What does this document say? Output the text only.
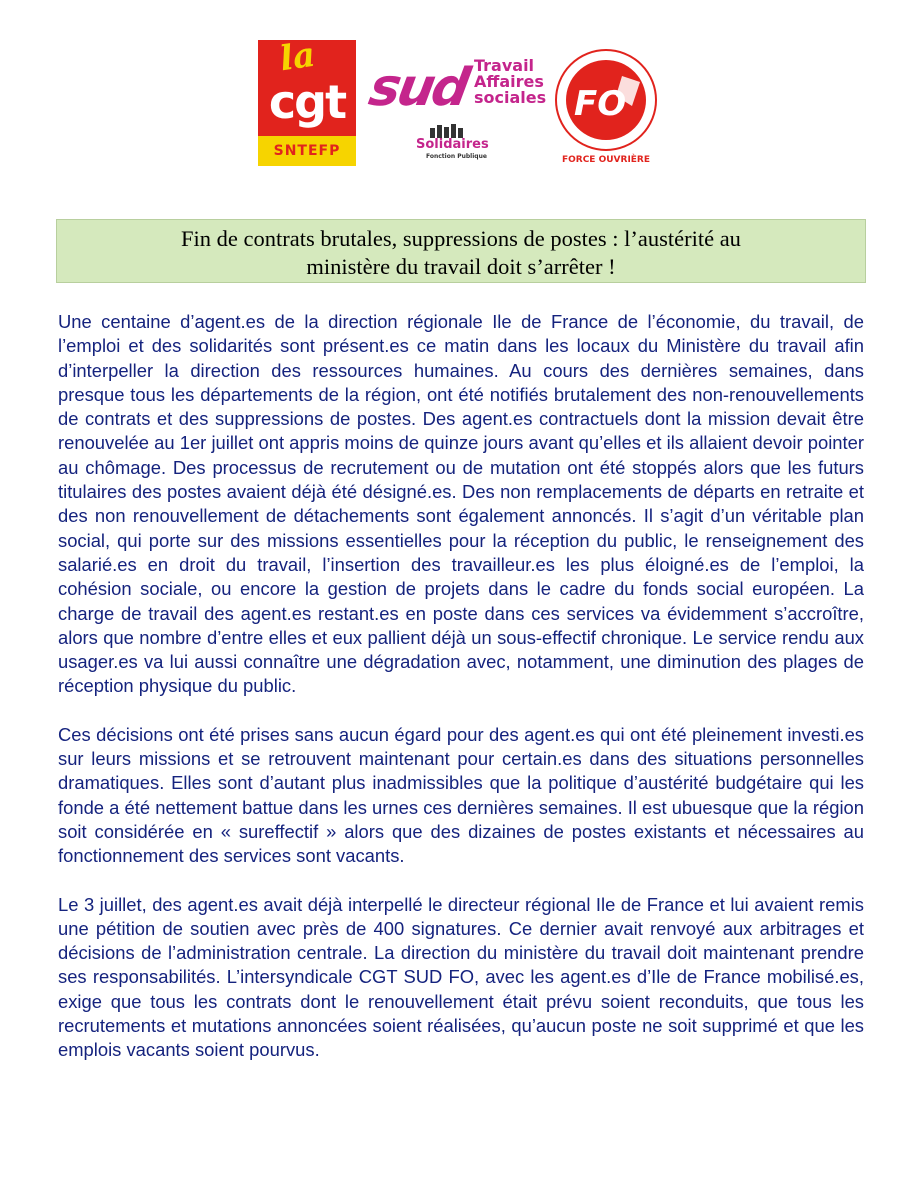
la
cgt
SNTEFP
sud Travail
Affaires
sociales
Solidaires
Fonction Publique
FO
FORCE OUVRIÈRE
Fin de contrats brutales, suppressions de postes : l’austérité au
ministère du travail doit s’arrêter !

Une centaine d’agent.es de la direction régionale Ile de France de l’économie, du travail, de l’emploi et des solidarités sont présent.es ce matin dans les locaux du Ministère du travail afin d’interpeller la direction des ressources humaines. Au cours des dernières semaines, dans presque tous les départements de la région, ont été notifiés brutalement des non-renouvellements de contrats et des suppressions de postes. Des agent.es contractuels dont la mission devait être renouvelée au 1er juillet ont appris moins de quinze jours avant qu’elles et ils allaient devoir pointer au chômage. Des processus de recrutement ou de mutation ont été stoppés alors que les futurs titulaires des postes avaient déjà été désigné.es. Des non remplacements de départs en retraite et des non renouvellement de détachements sont également annoncés. Il s’agit d’un véritable plan social, qui porte sur des missions essentielles pour la réception du public, le renseignement des salarié.es en droit du travail, l’insertion des travailleur.es les plus éloigné.es de l’emploi, la cohésion sociale, ou encore la gestion de projets dans le cadre du fonds social européen. La charge de travail des agent.es restant.es en poste dans ces services va évidemment s’accroître, alors que nombre d’entre elles et eux pallient déjà un sous-effectif chronique. Le service rendu aux usager.es va lui aussi connaître une dégradation avec, notamment, une diminution des plages de réception physique du public.

Ces décisions ont été prises sans aucun égard pour des agent.es qui ont été pleinement investi.es sur leurs missions et se retrouvent maintenant pour certain.es dans des situations personnelles dramatiques. Elles sont d’autant plus inadmissibles que la politique d’austérité budgétaire qui les fonde a été nettement battue dans les urnes ces dernières semaines. Il est ubuesque que la région soit considérée en « sureffectif » alors que des dizaines de postes existants et nécessaires au fonctionnement des services sont vacants.

Le 3 juillet, des agent.es avait déjà interpellé le directeur régional Ile de France et lui avaient remis une pétition de soutien avec près de 400 signatures. Ce dernier avait renvoyé aux arbitrages et décisions de l’administration centrale. La direction du ministère du travail doit maintenant prendre ses responsabilités. L’intersyndicale CGT SUD FO, avec les agent.es d’Ile de France mobilisé.es, exige que tous les contrats dont le renouvellement était prévu soient reconduits, que tous les recrutements et mutations annoncées soient réalisées, qu’aucun poste ne soit supprimé et que les emplois vacants soient pourvus.
